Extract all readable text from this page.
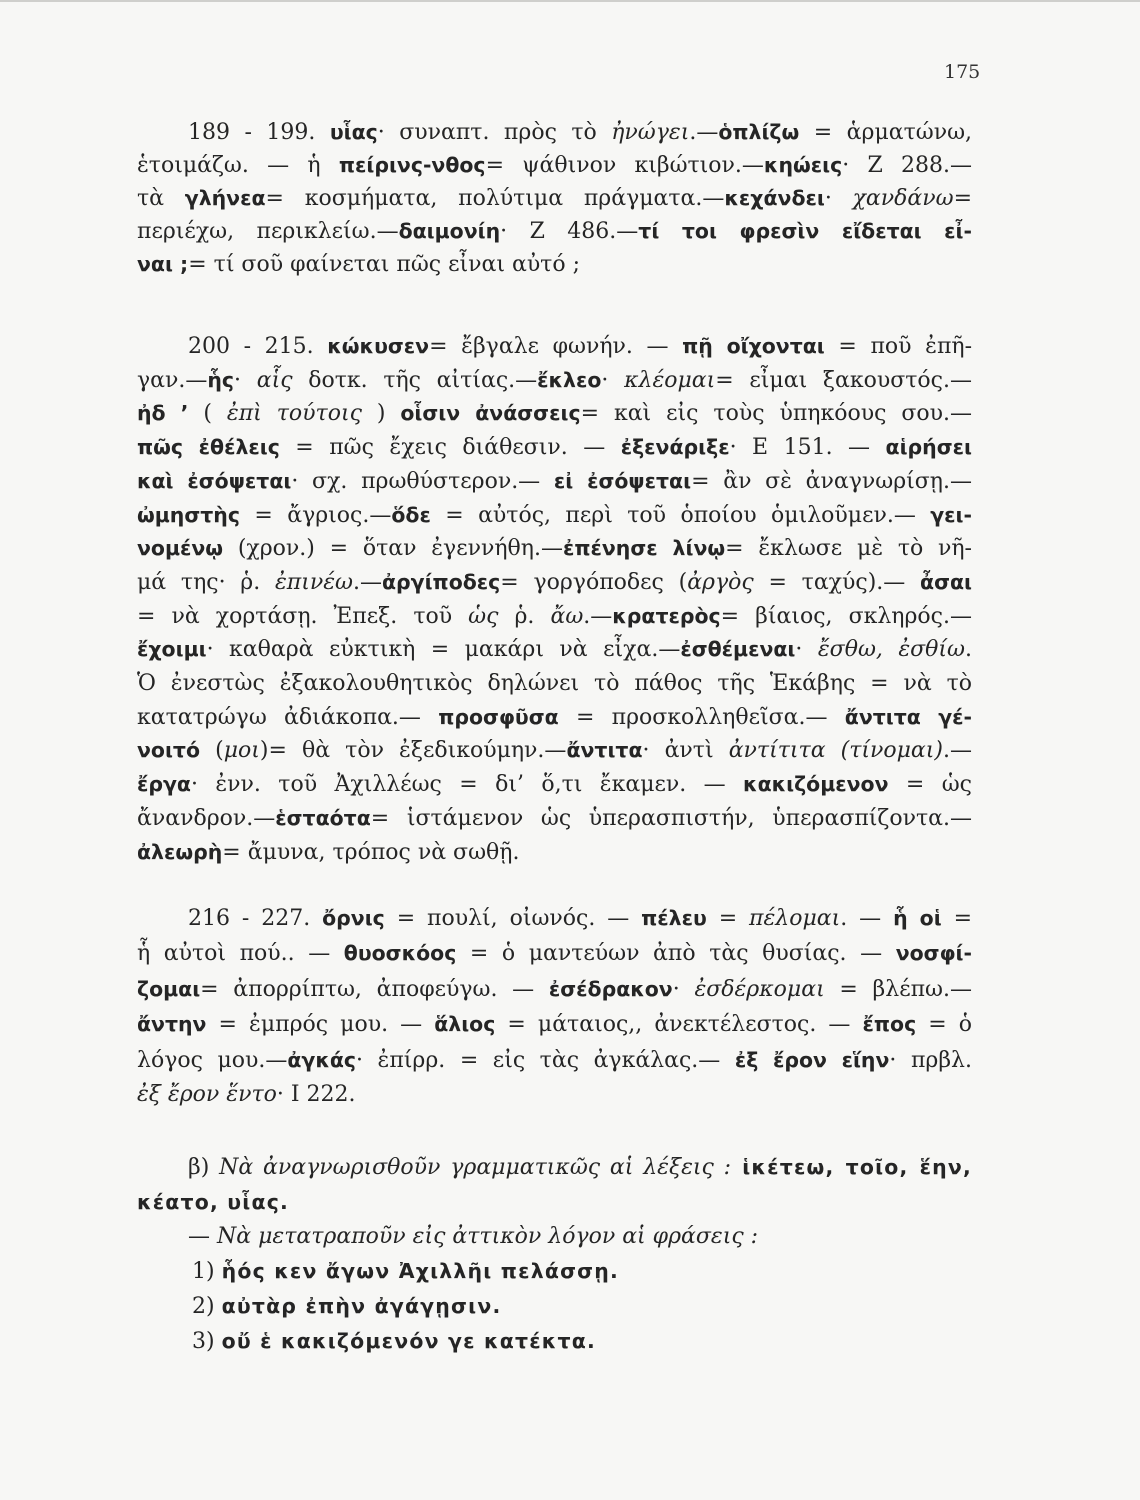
175
189 - 199. υἷας· συναπτ. πρὸς τὸ ἠνώγει.—ὁπλίζω = ἁρματώνω,
ἑτοιμάζω. — ἡ πείρινς-νθος= ψάθινον κιβώτιον.—κηώεις· Ζ 288.—
τὰ γλήνεα= κοσμήματα, πολύτιμα πράγματα.—κεχάνδει· χανδάνω=
περιέχω, περικλείω.—δαιμονίη· Ζ 486.—τί τοι φρεσὶν εἴδεται εἶ-
ναι ;= τί σοῦ φαίνεται πῶς εἶναι αὐτό ;
200 - 215. κώκυσεν= ἔβγαλε φωνήν. — πῇ οἴχονται = ποῦ ἐπῆ-
γαν.—ἧς· αἷς δοτκ. τῆς αἰτίας.—ἔκλεο· κλέομαι= εἶμαι ξακουστός.—
ἠδ ’ ( ἐπὶ τούτοις ) οἷσιν ἀνάσσεις= καὶ εἰς τοὺς ὑπηκόους σου.—
πῶς ἐθέλεις = πῶς ἔχεις διάθεσιν. — ἐξενάριξε· Ε 151. — αἱρήσει
καὶ ἐσόψεται· σχ. πρωθύστερον.— εἰ ἐσόψεται= ἂν σὲ ἀναγνωρίσῃ.—
ὠμηστὴς = ἄγριος.—ὅδε = αὐτός, περὶ τοῦ ὁποίου ὁμιλοῦμεν.— γει-
νομένῳ (χρον.) = ὅταν ἐγεννήθη.—ἐπένησε λίνῳ= ἔκλωσε μὲ τὸ νῆ-
μά της· ῥ. ἐπινέω.—ἀργίποδες= γοργόποδες (ἀργὸς = ταχύς).— ἆσαι
= νὰ χορτάσῃ. Ἐπεξ. τοῦ ὡς ῥ. ἄω.—κρατερὸς= βίαιος, σκληρός.—
ἔχοιμι· καθαρὰ εὐκτικὴ = μακάρι νὰ εἶχα.—ἐσθέμεναι· ἔσθω, ἐσθίω.
Ὁ ἐνεστὼς ἐξακολουθητικὸς δηλώνει τὸ πάθος τῆς Ἑκάβης = νὰ τὸ
κατατρώγω ἀδιάκοπα.— προσφῦσα = προσκολληθεῖσα.— ἄντιτα γέ-
νοιτό (μοι)= θὰ τὸν ἐξεδικούμην.—ἄντιτα· ἀντὶ ἀντίτιτα (τίνομαι).—
ἔργα· ἐνν. τοῦ Ἀχιλλέως = δι’ ὅ,τι ἔκαμεν. — κακιζόμενον = ὡς
ἄνανδρον.—ἑσταότα= ἱστάμενον ὡς ὑπερασπιστήν, ὑπερασπίζοντα.—
ἀλεωρὴ= ἄμυνα, τρόπος νὰ σωθῇ.
216 - 227. ὄρνις = πουλί, οἰωνός. — πέλευ = πέλομαι. — ἧ οἱ =
ἧ αὐτοὶ πού.. — θυοσκόος = ὁ μαντεύων ἀπὸ τὰς θυσίας. — νοσφί-
ζομαι= ἀπορρίπτω, ἀποφεύγω. — ἐσέδρακον· ἐσδέρκομαι = βλέπω.—
ἄντην = ἐμπρός μου. — ἅλιος = μάταιος,, ἀνεκτέλεστος. — ἔπος = ὁ
λόγος μου.—ἀγκάς· ἐπίρρ. = εἰς τὰς ἀγκάλας.— ἐξ ἔρον εἵην· πρβλ.
ἐξ ἔρον ἕντο· Ι 222.
β) Νὰ ἀναγνωρισθοῦν γραμματικῶς αἱ λέξεις : ἱκέτεω, τοῖο, ἕην,
κέατο, υἷας.
— Νὰ μετατραποῦν εἰς ἀττικὸν λόγον αἱ φράσεις :
1) ἧός κεν ἄγων Ἀχιλλῆι πελάσσῃ.
2) αὐτὰρ ἐπὴν ἀγάγῃσιν.
3) οὔ ἑ κακιζόμενόν γε κατέκτα.
